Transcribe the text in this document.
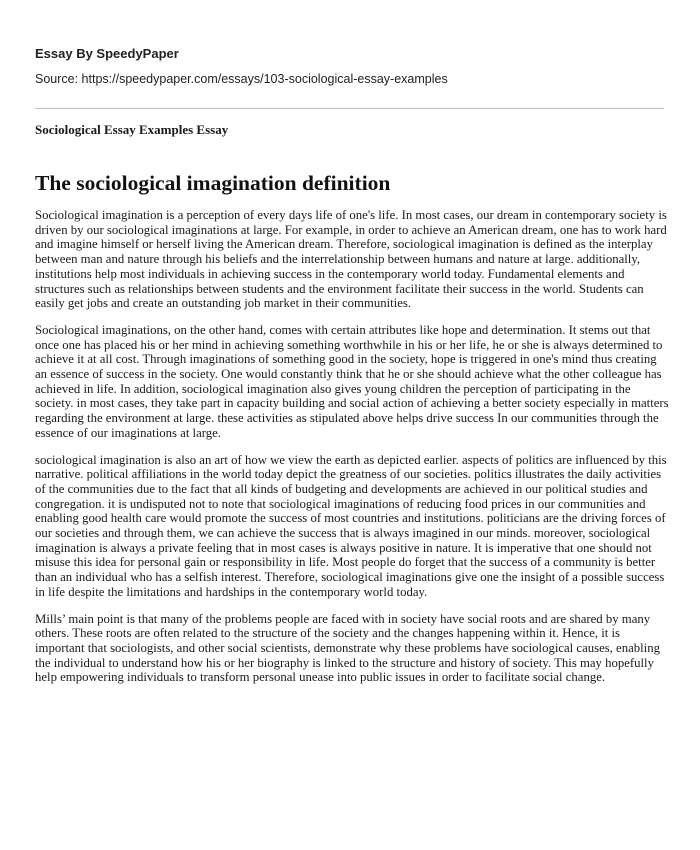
Essay By SpeedyPaper

Source: https://speedypaper.com/essays/103-sociological-essay-examples

Sociological Essay Examples Essay

The sociological imagination definition

Sociological imagination is a perception of every days life of one's life. In most cases, our dream in contemporary society is driven by our sociological imaginations at large. For example, in order to achieve an American dream, one has to work hard and imagine himself or herself living the American dream. Therefore, sociological imagination is defined as the interplay between man and nature through his beliefs and the interrelationship between humans and nature at large. additionally, institutions help most individuals in achieving success in the contemporary world today. Fundamental elements and structures such as relationships between students and the environment facilitate their success in the world. Students can easily get jobs and create an outstanding job market in their communities.

Sociological imaginations, on the other hand, comes with certain attributes like hope and determination. It stems out that once one has placed his or her mind in achieving something worthwhile in his or her life, he or she is always determined to achieve it at all cost. Through imaginations of something good in the society, hope is triggered in one's mind thus creating an essence of success in the society. One would constantly think that he or she should achieve what the other colleague has achieved in life. In addition, sociological imagination also gives young children the perception of participating in the society. in most cases, they take part in capacity building and social action of achieving a better society especially in matters regarding the environment at large. these activities as stipulated above helps drive success In our communities through the essence of our imaginations at large.

sociological imagination is also an art of how we view the earth as depicted earlier. aspects of politics are influenced by this narrative. political affiliations in the world today depict the greatness of our societies. politics illustrates the daily activities of the communities due to the fact that all kinds of budgeting and developments are achieved in our political studies and congregation. it is undisputed not to note that sociological imaginations of reducing food prices in our communities and enabling good health care would promote the success of most countries and institutions. politicians are the driving forces of our societies and through them, we can achieve the success that is always imagined in our minds. moreover, sociological imagination is always a private feeling that in most cases is always positive in nature. It is imperative that one should not misuse this idea for personal gain or responsibility in life. Most people do forget that the success of a community is better than an individual who has a selfish interest. Therefore, sociological imaginations give one the insight of a possible success in life despite the limitations and hardships in the contemporary world today.

Mills’ main point is that many of the problems people are faced with in society have social roots and are shared by many others. These roots are often related to the structure of the society and the changes happening within it. Hence, it is important that sociologists, and other social scientists, demonstrate why these problems have sociological causes, enabling the individual to understand how his or her biography is linked to the structure and history of society. This may hopefully help empowering individuals to transform personal unease into public issues in order to facilitate social change.
